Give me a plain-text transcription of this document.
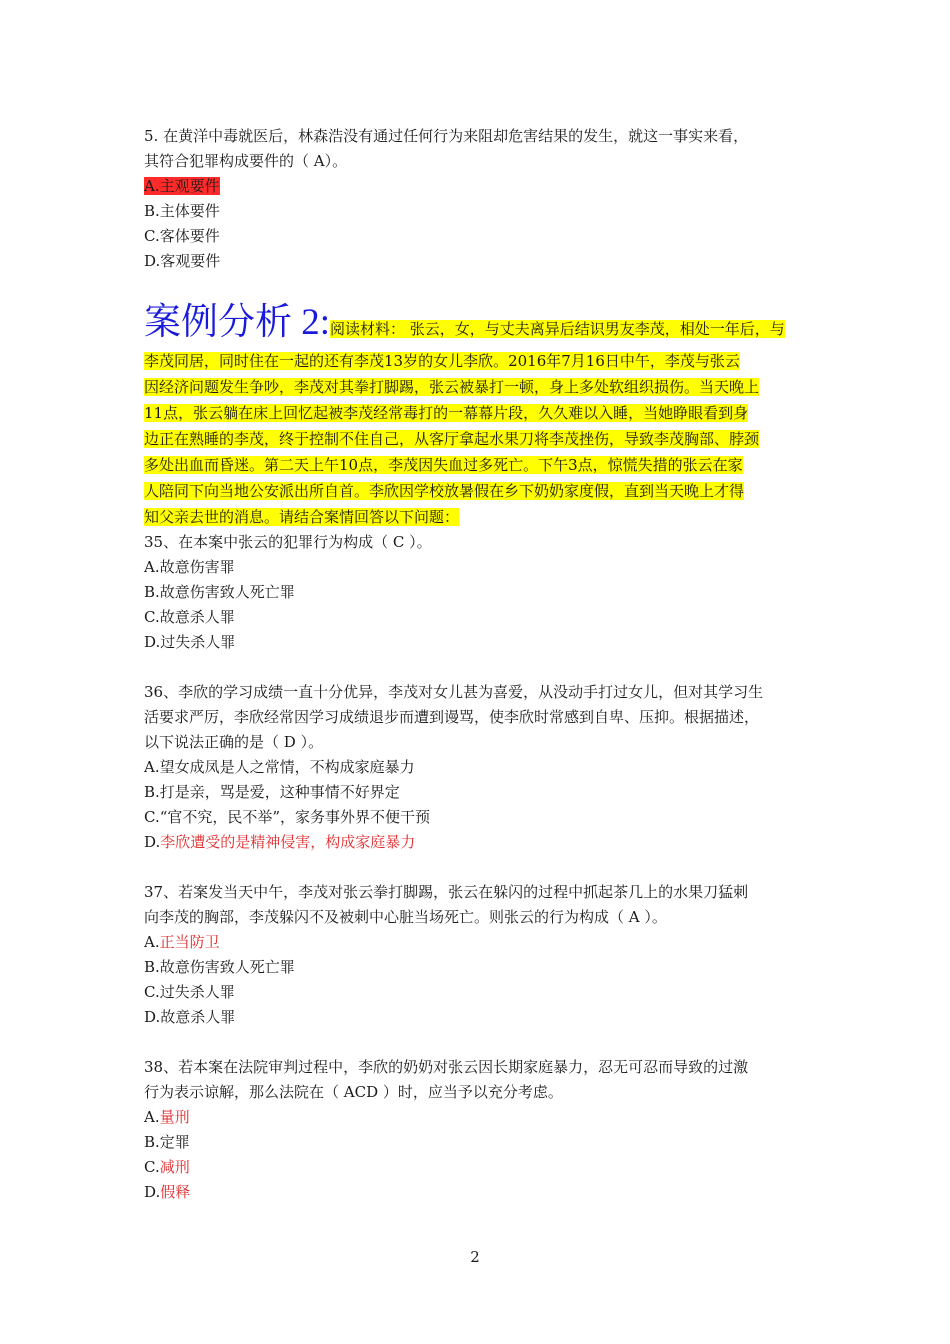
5. 在黄洋中毒就医后，林森浩没有通过任何行为来阻却危害结果的发生，就这一事实来看，

其符合犯罪构成要件的（ A）。

A.主观要件

B.主体要件

C.客体要件

D.客观要件

案例分析 2:阅读材料： 张云，女，与丈夫离异后结识男友李茂，相处一年后，与

李茂同居，同时住在一起的还有李茂13岁的女儿李欣。2016年7月16日中午，李茂与张云

因经济问题发生争吵，李茂对其拳打脚踢，张云被暴打一顿，身上多处软组织损伤。当天晚上

11点，张云躺在床上回忆起被李茂经常毒打的一幕幕片段，久久难以入睡，当她睁眼看到身

边正在熟睡的李茂，终于控制不住自己，从客厅拿起水果刀将李茂挫伤，导致李茂胸部、脖颈

多处出血而昏迷。第二天上午10点，李茂因失血过多死亡。下午3点，惊慌失措的张云在家

人陪同下向当地公安派出所自首。李欣因学校放暑假在乡下奶奶家度假，直到当天晚上才得

知父亲去世的消息。请结合案情回答以下问题：

35、在本案中张云的犯罪行为构成（ C ）。

A.故意伤害罪

B.故意伤害致人死亡罪

C.故意杀人罪

D.过失杀人罪

36、李欣的学习成绩一直十分优异，李茂对女儿甚为喜爱，从没动手打过女儿，但对其学习生

活要求严厉，李欣经常因学习成绩退步而遭到谩骂，使李欣时常感到自卑、压抑。根据描述，

以下说法正确的是（ D ）。

A.望女成凤是人之常情，不构成家庭暴力

B.打是亲，骂是爱，这种事情不好界定

C.“官不究，民不举”，家务事外界不便干预

D.李欣遭受的是精神侵害，构成家庭暴力

37、若案发当天中午，李茂对张云拳打脚踢，张云在躲闪的过程中抓起茶几上的水果刀猛刺

向李茂的胸部，李茂躲闪不及被刺中心脏当场死亡。则张云的行为构成（ A ）。

A.正当防卫

B.故意伤害致人死亡罪

C.过失杀人罪

D.故意杀人罪

38、若本案在法院审判过程中，李欣的奶奶对张云因长期家庭暴力，忍无可忍而导致的过激

行为表示谅解，那么法院在（ ACD ）时，应当予以充分考虑。

A.量刑

B.定罪

C.减刑

D.假释

2
